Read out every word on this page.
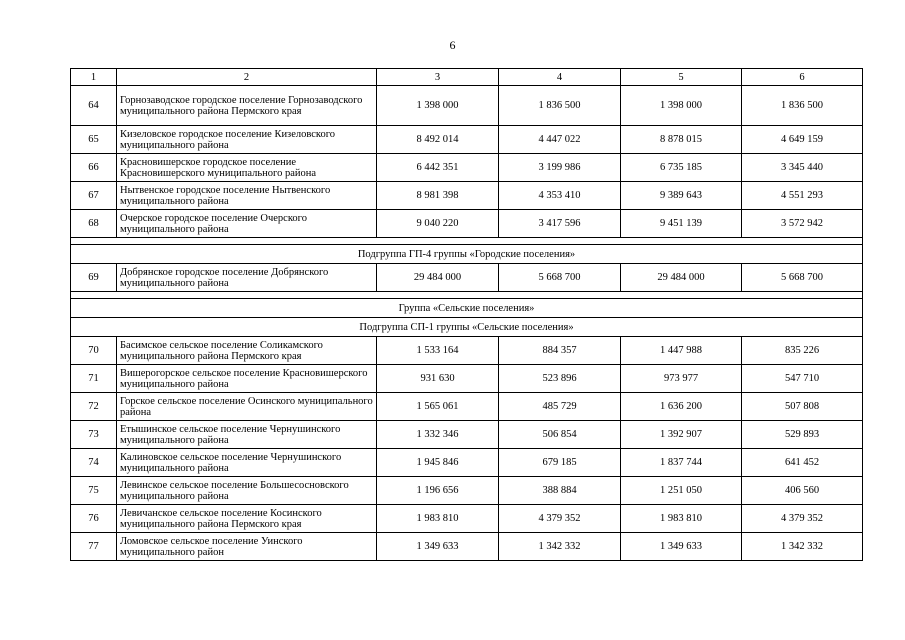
6
1	2	3	4	5	6
64	Горнозаводское городское поселение Горнозаводского муниципального района Пермского края	1 398 000	1 836 500	1 398 000	1 836 500
65	Кизеловское городское поселение Кизеловского муниципального района	8 492 014	4 447 022	8 878 015	4 649 159
66	Красновишерское городское поселение Красновишерского муниципального района	6 442 351	3 199 986	6 735 185	3 345 440
67	Нытвенское городское поселение Нытвенского муниципального района	8 981 398	4 353 410	9 389 643	4 551 293
68	Очерское городское поселение Очерского муниципального района	9 040 220	3 417 596	9 451 139	3 572 942

Подгруппа ГП-4 группы «Городские поселения»					
69	Добрянское городское поселение Добрянского муниципального района	29 484 000	5 668 700	29 484 000	5 668 700

Группа «Сельские поселения»					
Подгруппа СП-1 группы «Сельские поселения»					
70	Басимское сельское поселение Соликамского муниципального района Пермского края	1 533 164	884 357	1 447 988	835 226
71	Вишерогорское сельское поселение Красновишерского муниципального района	931 630	523 896	973 977	547 710
72	Горское сельское поселение Осинского муниципального района	1 565 061	485 729	1 636 200	507 808
73	Етышинское сельское поселение Чернушинского муниципального района	1 332 346	506 854	1 392 907	529 893
74	Калиновское сельское поселение Чернушинского муниципального района	1 945 846	679 185	1 837 744	641 452
75	Левинское сельское поселение Большесосновского муниципального района	1 196 656	388 884	1 251 050	406 560
76	Левичанское сельское поселение Косинского муниципального района Пермского края	1 983 810	4 379 352	1 983 810	4 379 352
77	Ломовское сельское поселение Уинского муниципального район	1 349 633	1 342 332	1 349 633	1 342 332
